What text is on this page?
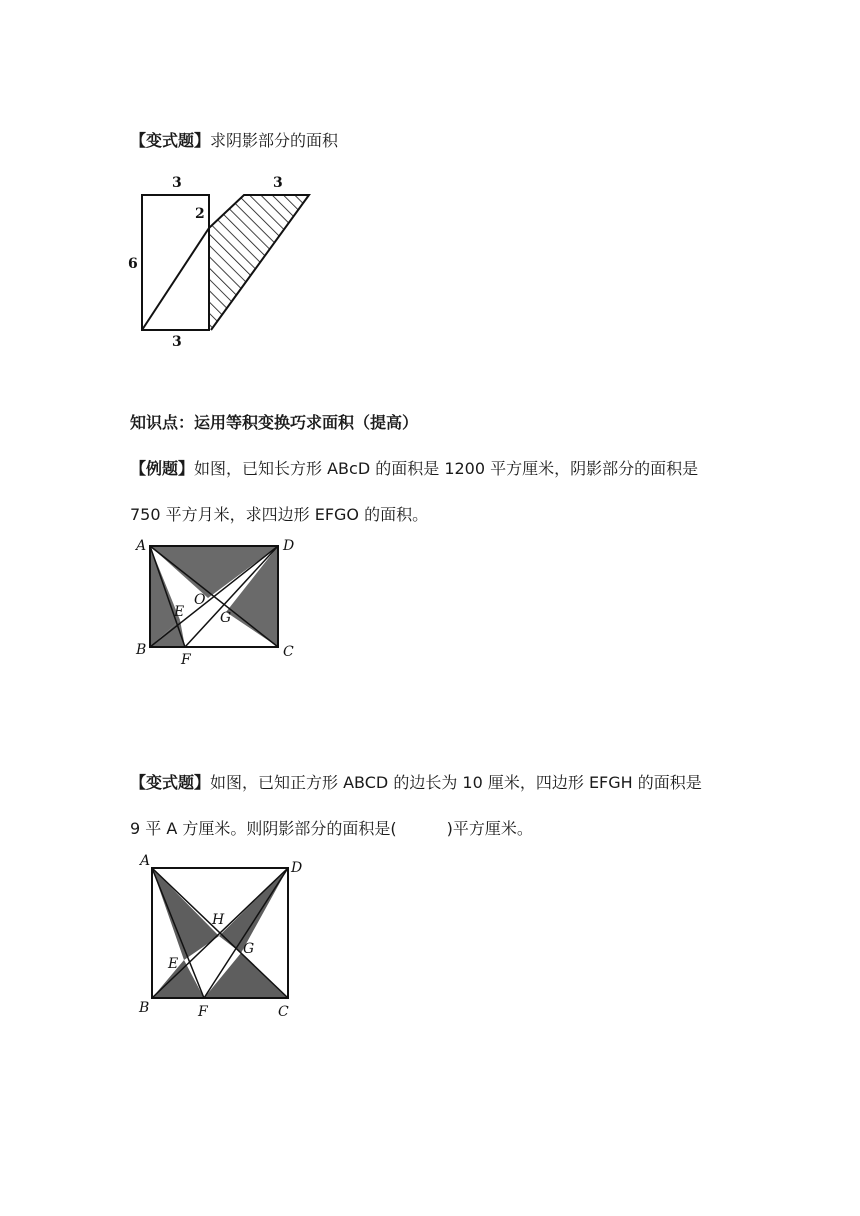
【变式题】求阴影部分的面积
3	3
2
6
3
知识点：运用等积变换巧求面积（提高）
【例题】如图，已知长方形 ABcD 的面积是 1200 平方厘米，阴影部分的面积是
750 平方月米，求四边形 EFGO 的面积。
A	D
B	C
E
F
O
G
【变式题】如图，已知正方形 ABCD 的边长为 10 厘米，四边形 EFGH 的面积是
9 平 A 方厘米。则阴影部分的面积是(	)平方厘米。
A	D
B	C
H
E
G
F
